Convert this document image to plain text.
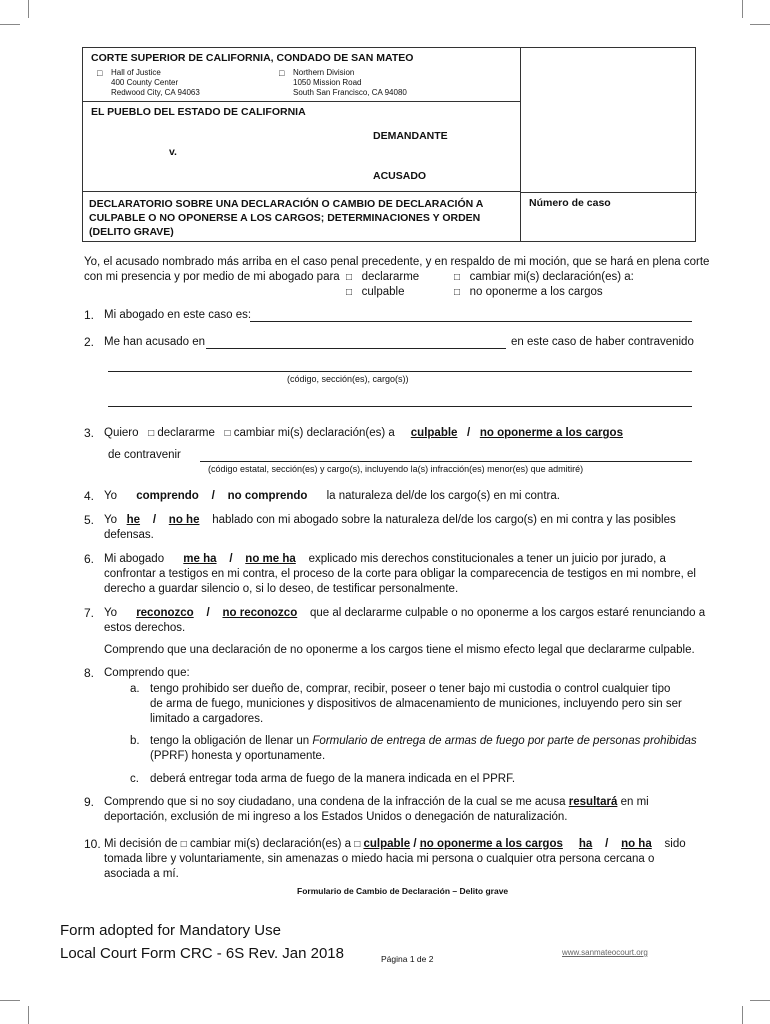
CORTE SUPERIOR DE CALIFORNIA, CONDADO DE SAN MATEO
□ Hall of Justice
400 County Center
Redwood City, CA 94063
□ Northern Division
1050 Mission Road
South San Francisco, CA 94080
EL PUEBLO DEL ESTADO DE CALIFORNIA
DEMANDANTE
v.
ACUSADO
DECLARATORIO SOBRE UNA DECLARACIÓN O CAMBIO DE DECLARACIÓN A CULPABLE O NO OPONERSE A LOS CARGOS; DETERMINACIONES Y ORDEN (DELITO GRAVE)
Número de caso
Yo, el acusado nombrado más arriba en el caso penal precedente, y en respaldo de mi moción, que se hará en plena corte
con mi presencia y por medio de mi abogado para □ declararme	□ cambiar mi(s) declaración(es) a:
□ culpable	□ no oponerme a los cargos
1. Mi abogado en este caso es:
2. Me han acusado en	en este caso de haber contravenido
(código, sección(es), cargo(s))
3. Quiero □ declararme □ cambiar mi(s) declaración(es) a culpable / no oponerme a los cargos
de contravenir
(código estatal, sección(es) y cargo(s), incluyendo la(s) infracción(es) menor(es) que admitiré)
4. Yo comprendo / no comprendo la naturaleza del/de los cargo(s) en mi contra.
5. Yo he / no he hablado con mi abogado sobre la naturaleza del/de los cargo(s) en mi contra y las posibles
defensas.
6. Mi abogado me ha / no me ha explicado mis derechos constitucionales a tener un juicio por jurado, a
confrontar a testigos en mi contra, el proceso de la corte para obligar la comparecencia de testigos en mi nombre, el
derecho a guardar silencio o, si lo deseo, de testificar personalmente.
7. Yo reconozco / no reconozco que al declararme culpable o no oponerme a los cargos estaré renunciando a
estos derechos.
Comprendo que una declaración de no oponerme a los cargos tiene el mismo efecto legal que declararme culpable.
8. Comprendo que:
a. tengo prohibido ser dueño de, comprar, recibir, poseer o tener bajo mi custodia o control cualquier tipo
de arma de fuego, municiones y dispositivos de almacenamiento de municiones, incluyendo pero sin ser
limitado a cargadores.
b. tengo la obligación de llenar un Formulario de entrega de armas de fuego por parte de personas prohibidas
(PPRF) honesta y oportunamente.
c. deberá entregar toda arma de fuego de la manera indicada en el PPRF.
9. Comprendo que si no soy ciudadano, una condena de la infracción de la cual se me acusa resultará en mi
deportación, exclusión de mi ingreso a los Estados Unidos o denegación de naturalización.
10. Mi decisión de □ cambiar mi(s) declaración(es) a □ culpable / no oponerme a los cargos ha / no ha sido
tomada libre y voluntariamente, sin amenazas o miedo hacia mi persona o cualquier otra persona cercana o
asociada a mí.
Formulario de Cambio de Declaración – Delito grave
Form adopted for Mandatory Use
Local Court Form CRC - 6S Rev. Jan 2018	Página 1 de 2
www.sanmateocourt.org
